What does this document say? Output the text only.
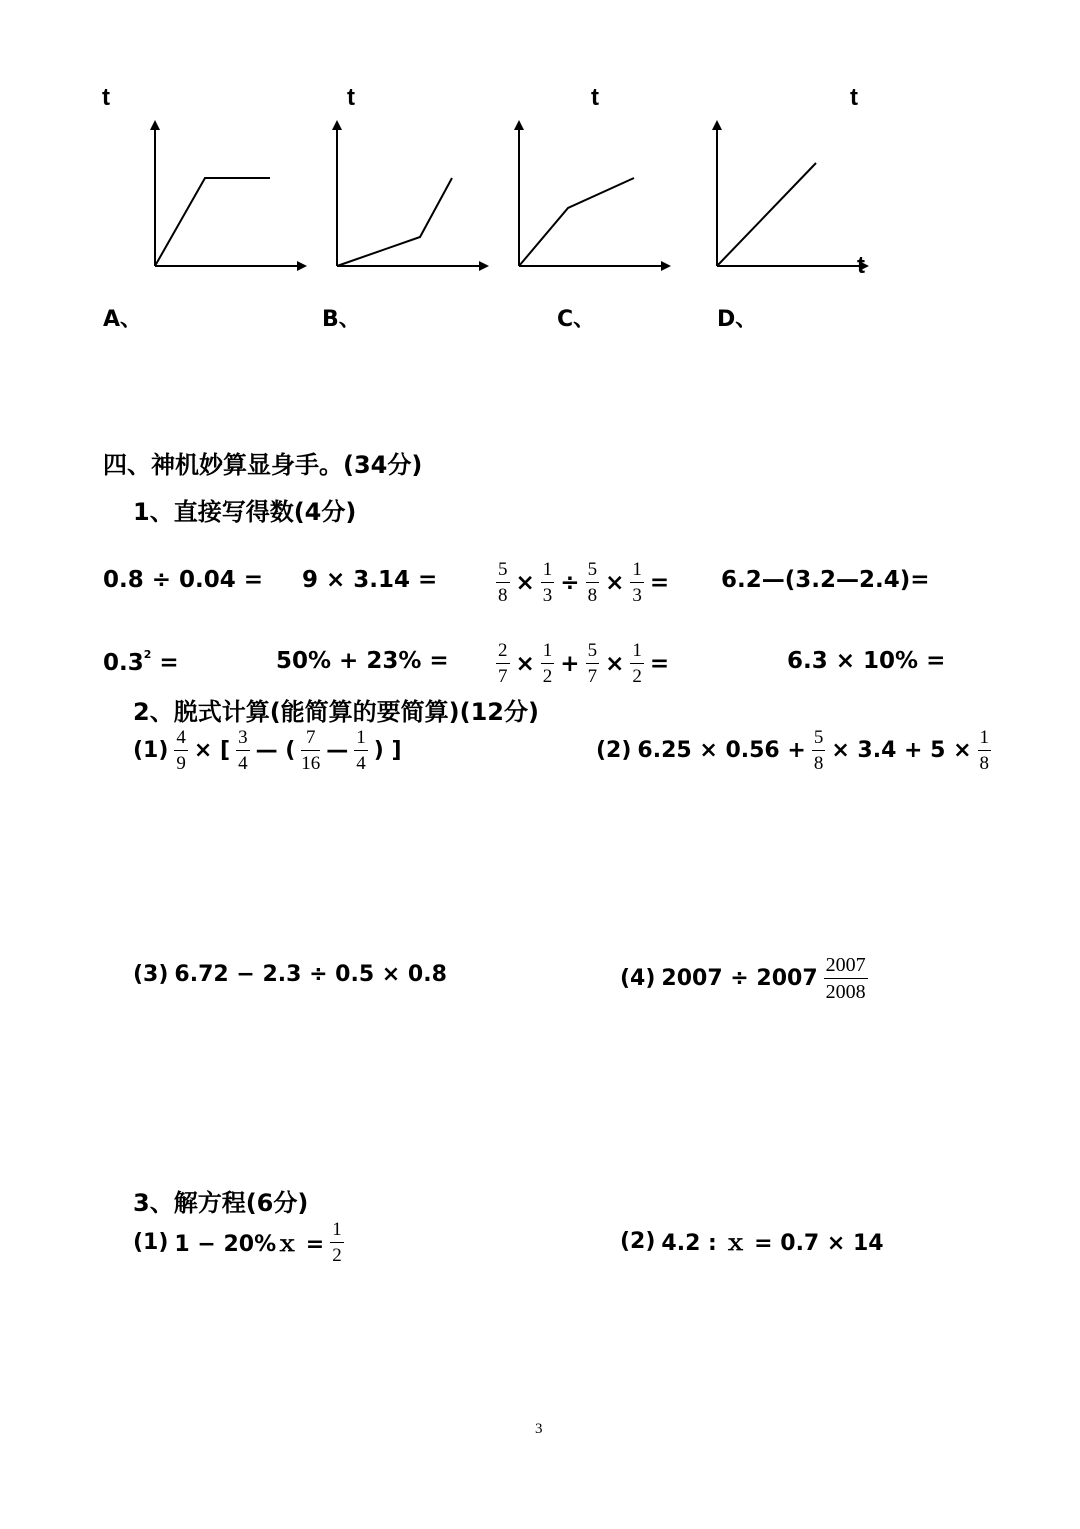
t	t	t	t
t
A、	B、	C、	D、
四、神机妙算显身手。(34分)
1、直接写得数(4分)
0.8 ÷ 0.04 = 9 × 3.14 =	$\frac{5}{8} \times \frac{1}{3} \div \frac{5}{8} \times \frac{1}{3}$ = 6.2—(3.2—2.4)=
$0.3^2$ =	$50\% + 23\% = \frac{2}{7} \times \frac{1}{2} + \frac{5}{7} \times \frac{1}{2}$ =	6.3 × 10% =
2、脱式计算(能简算的要简算)(12分)
$(1) \frac{4}{9}$ × [ $\frac{3}{4}$ — ( $\frac{7}{16}$ — $\frac{1}{4}$ ) ]	(2) $6.25 \times 0.56 + \frac{5}{8} \times 3.4 + 5 \times \frac{1}{8}$
(3) 6.72 − 2.3 ÷ 0.5 × 0.8	(4) $2007 \div 2007 \frac{2007}{2008}$
3、解方程(6分)
(1) 1 − 20%ｘ = $\frac{1}{2}$	(2) 4.2 : ｘ = 0.7 × 14
3
